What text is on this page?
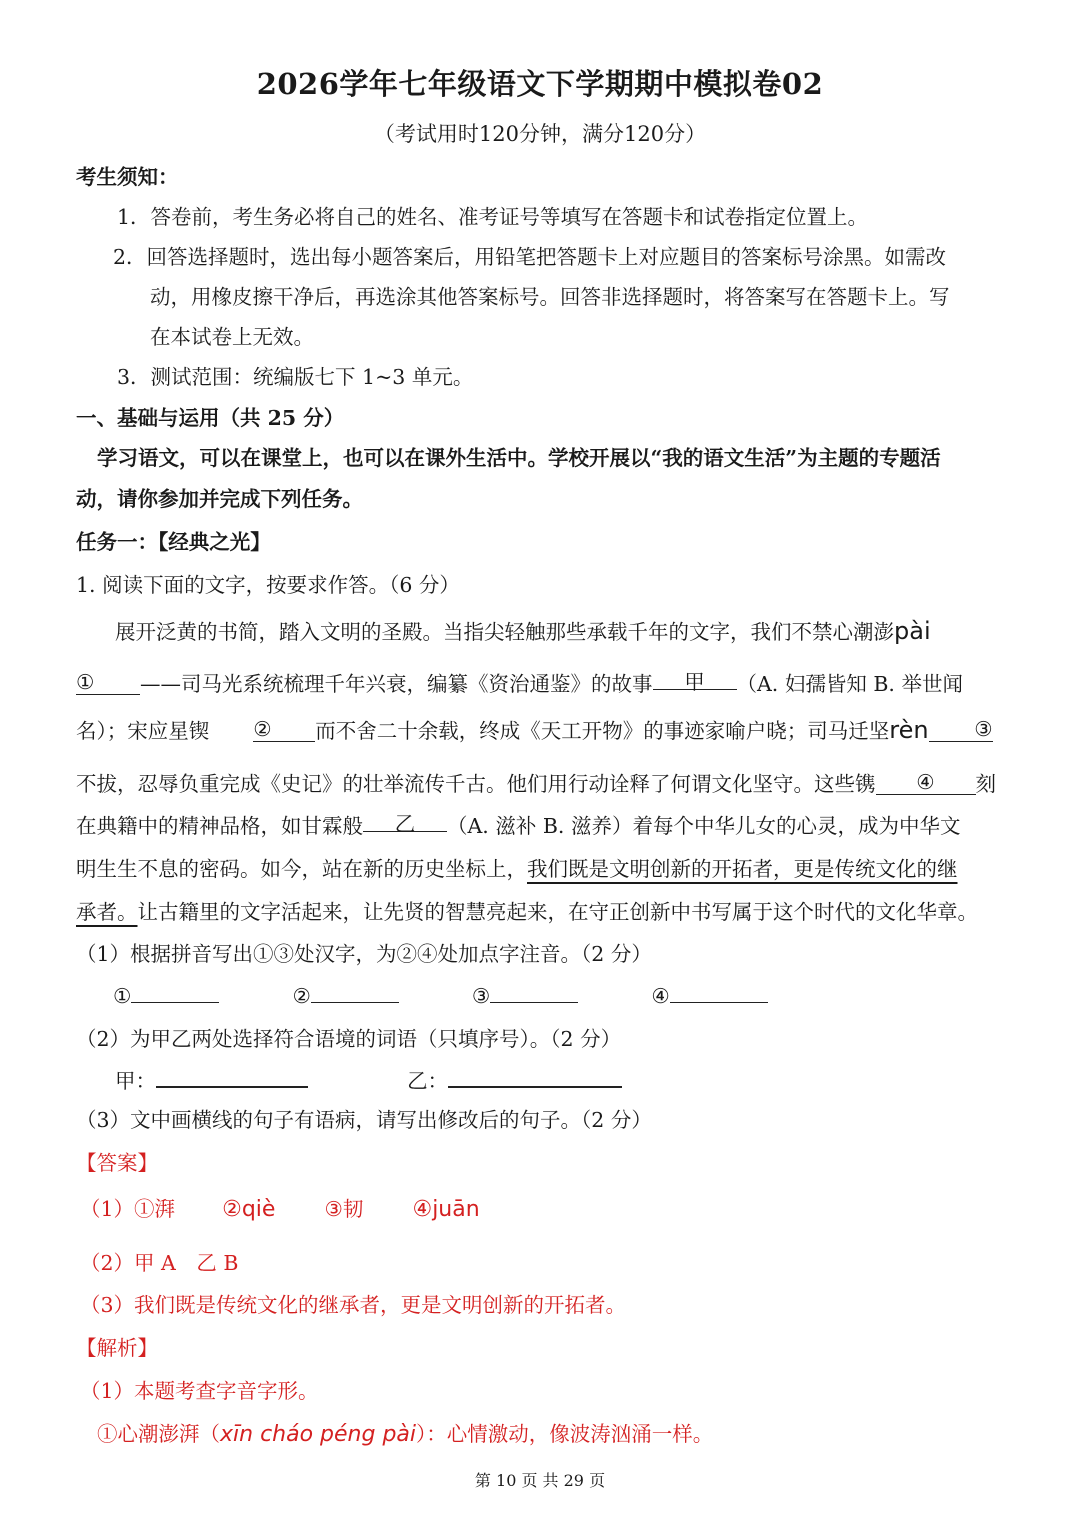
2026学年七年级语文下学期期中模拟卷02
（考试用时120分钟，满分120分）
考生须知：
1．答卷前，考生务必将自己的姓名、准考证号等填写在答题卡和试卷指定位置上。
2．回答选择题时，选出每小题答案后，用铅笔把答题卡上对应题目的答案标号涂黑。如需改
动，用橡皮擦干净后，再选涂其他答案标号。回答非选择题时，将答案写在答题卡上。写
在本试卷上无效。
3．测试范围：统编版七下 1~3 单元。
一、基础与运用（共 25 分）
学习语文，可以在课堂上，也可以在课外生活中。学校开展以“我的语文生活”为主题的专题活
动，请你参加并完成下列任务。
任务一：【经典之光】
1. 阅读下面的文字，按要求作答。（6 分）
展开泛黄的书简，踏入文明的圣殿。当指尖轻触那些承载千年的文字，我们不禁心潮澎pài
① ——司马光系统梳理千年兴衰，编纂《资治通鉴》的故事 甲 （A. 妇孺皆知 B. 举世闻
名）；宋应星锲 ② 而不舍二十余载，终成《天工开物》的事迹家喻户晓；司马迁坚rèn ③
不拔，忍辱负重完成《史记》的壮举流传千古。他们用行动诠释了何谓文化坚守。这些镌 ④ 刻
在典籍中的精神品格，如甘霖般 乙 （A. 滋补 B. 滋养）着每个中华儿女的心灵，成为中华文
明生生不息的密码。如今，站在新的历史坐标上，我们既是文明创新的开拓者，更是传统文化的继
承者。让古籍里的文字活起来，让先贤的智慧亮起来，在守正创新中书写属于这个时代的文化华章。
（1）根据拼音写出①③处汉字，为②④处加点字注音。（2 分）
①	②	③	④
（2）为甲乙两处选择符合语境的词语（只填序号）。（2 分）
甲：	乙：
（3）文中画横线的句子有语病，请写出修改后的句子。（2 分）
【答案】
（1）①湃 ②qiè ③韧 ④juān
（2）甲 A　乙 B
（3）我们既是传统文化的继承者，更是文明创新的开拓者。
【解析】
（1）本题考查字音字形。
①心潮澎湃（xīn cháo péng pài）：心情激动，像波涛汹涌一样。
第 10 页 共 29 页
